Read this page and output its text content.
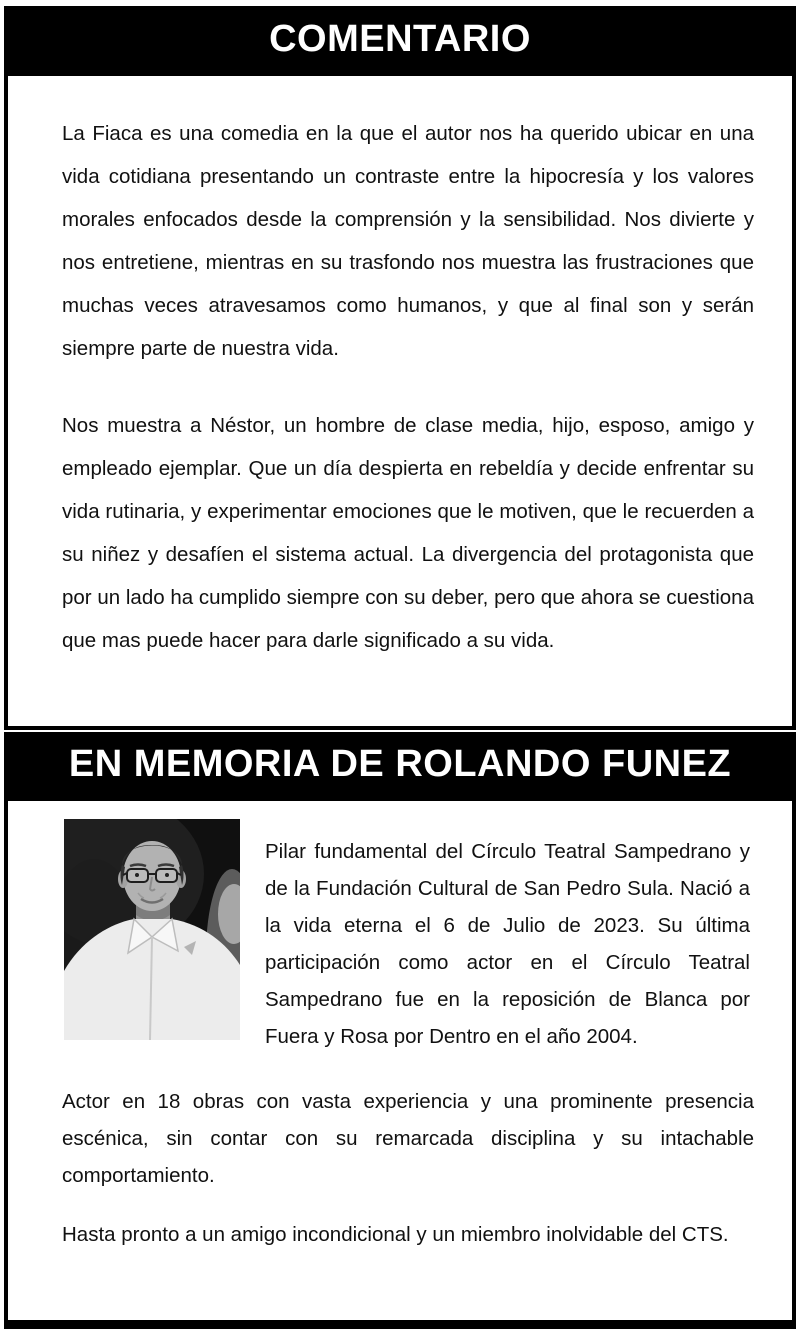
COMENTARIO

La Fiaca es una comedia en la que el autor nos ha querido ubicar en una vida cotidiana presentando un contraste entre la hipocresía y los valores morales enfocados desde la comprensión y la sensibilidad. Nos divierte y nos entretiene, mientras en su trasfondo nos muestra las frustraciones que muchas veces atravesamos como humanos, y que al final son y serán siempre parte de nuestra vida.

Nos muestra a Néstor, un hombre de clase media, hijo, esposo, amigo y empleado ejemplar. Que un día despierta en rebeldía y decide enfrentar su vida rutinaria, y experimentar emociones que le motiven, que le recuerden a su niñez y desafíen el sistema actual. La divergencia del protagonista que por un lado ha cumplido siempre con su deber, pero que ahora se cuestiona que mas puede hacer para darle significado a su vida.

EN MEMORIA DE ROLANDO FUNEZ

Pilar fundamental del Círculo Teatral Sampedrano y de la Fundación Cultural de San Pedro Sula. Nació a la vida eterna el 6 de Julio de 2023. Su última participación como actor en el Círculo Teatral Sampedrano fue en la reposición de Blanca por Fuera y Rosa por Dentro en el año 2004.

Actor en 18 obras con vasta experiencia y una prominente presencia escénica, sin contar con su remarcada disciplina y su intachable comportamiento.

Hasta pronto a un amigo incondicional y un miembro inolvidable del CTS.
